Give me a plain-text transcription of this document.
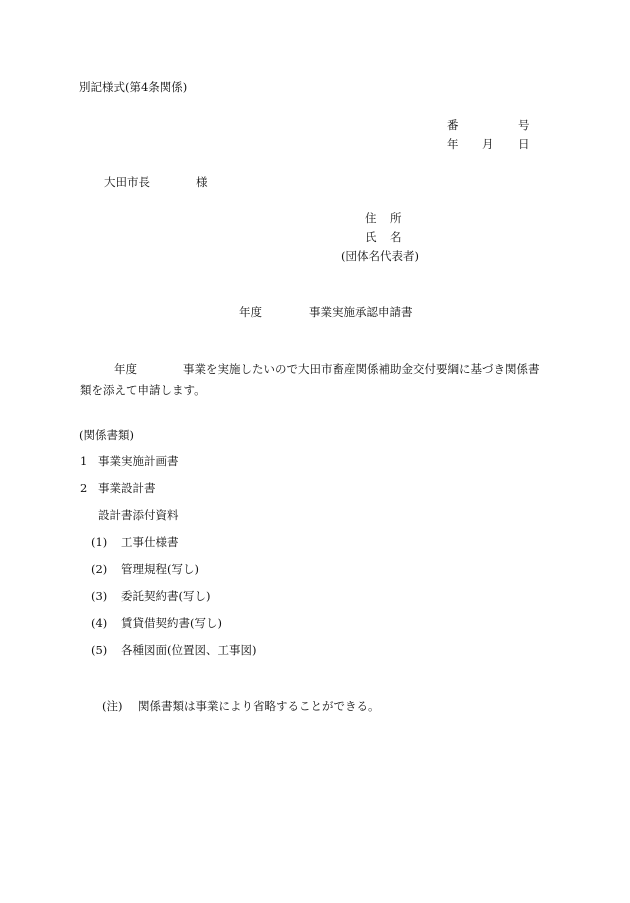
別記様式(第4条関係)
番	号
年 月 日
大田市長	様
住 所
氏 名
(団体名代表者)
年度	事業実施承認申請書
年度	事業を実施したいので大田市畜産関係補助金交付要綱に基づき関係書
類を添えて申請します。
(関係書類)
1 事業実施計画書
2 事業設計書
設計書添付資料
(1) 工事仕様書
(2) 管理規程(写し)
(3) 委託契約書(写し)
(4) 賃貸借契約書(写し)
(5) 各種図面(位置図、工事図)
(注) 関係書類は事業により省略することができる。
